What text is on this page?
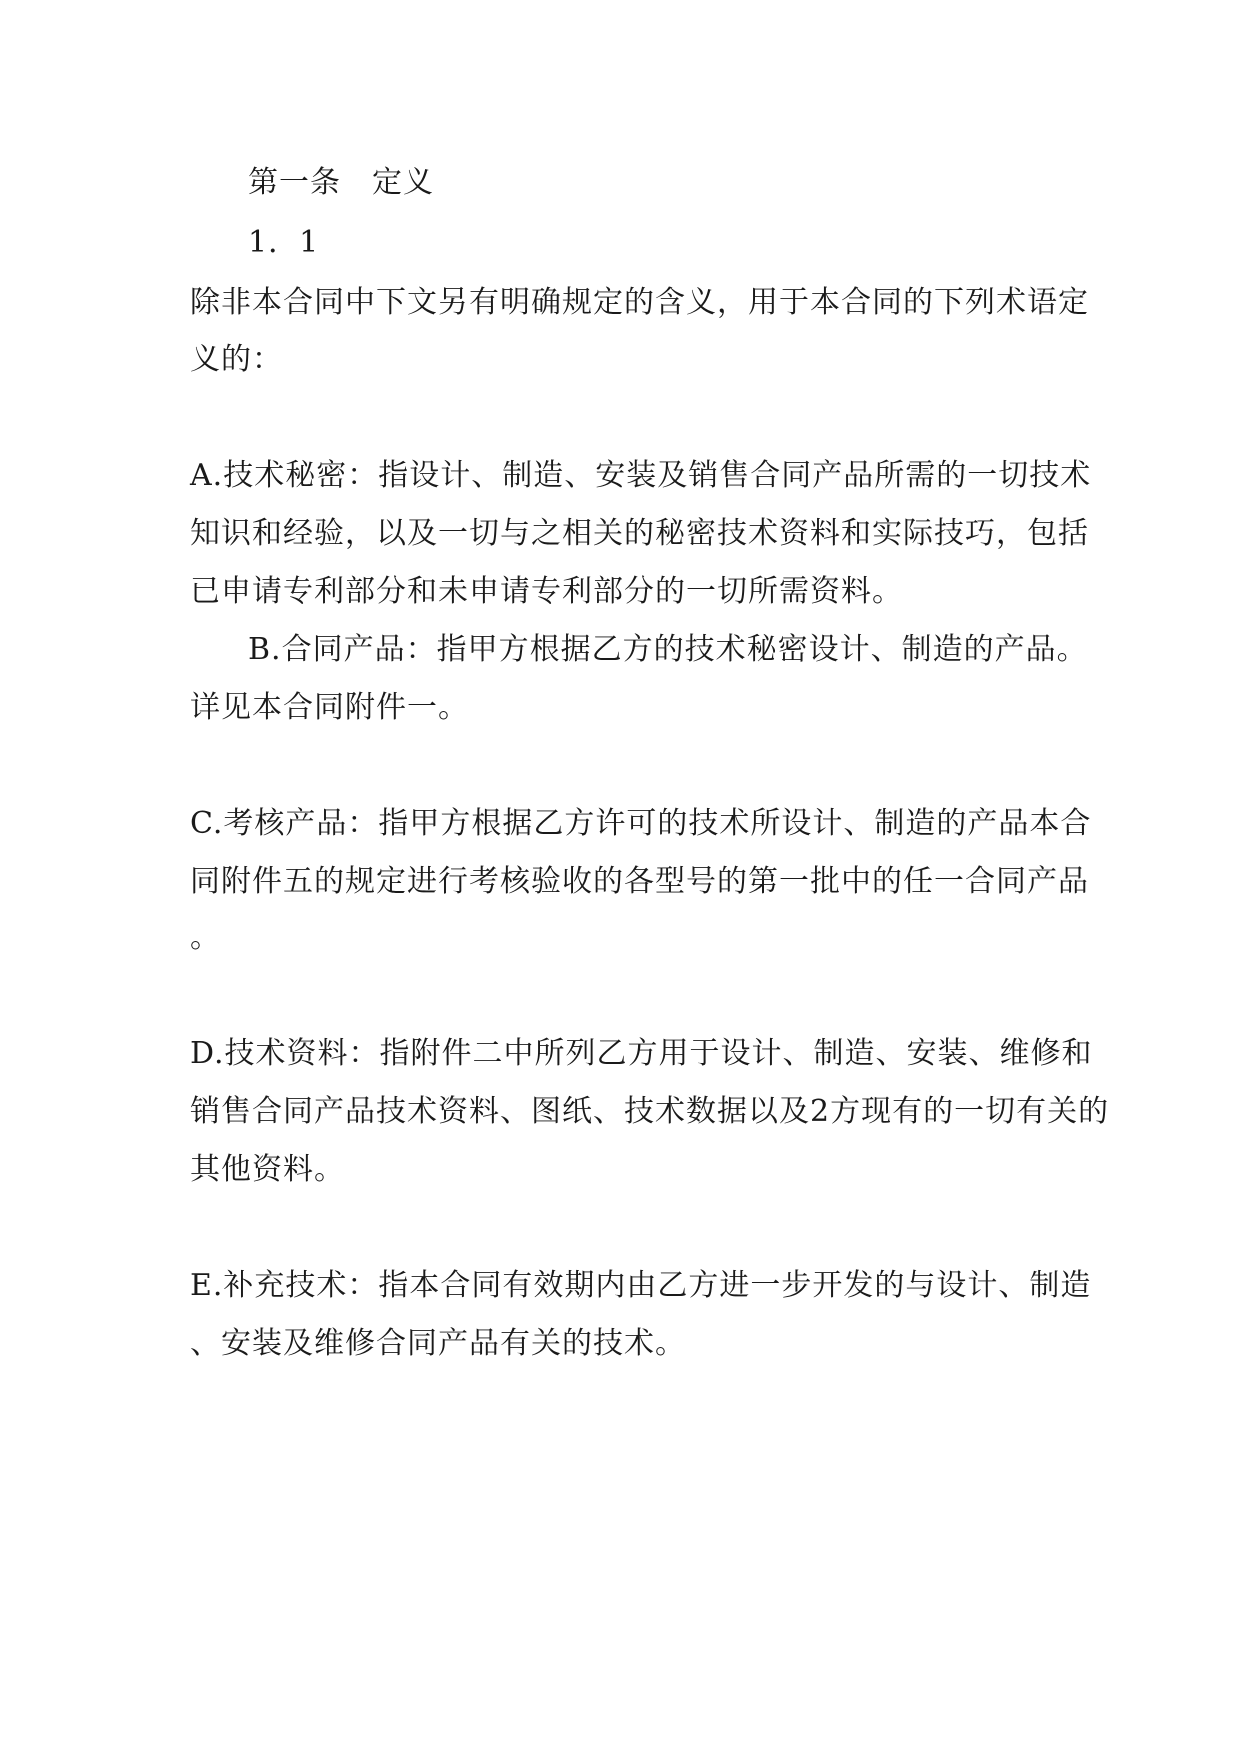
第一条　定义
1．1
除非本合同中下文另有明确规定的含义，用于本合同的下列术语定
义的：
A.技术秘密：指设计、制造、安装及销售合同产品所需的一切技术
知识和经验，以及一切与之相关的秘密技术资料和实际技巧，包括
已申请专利部分和未申请专利部分的一切所需资料。
B.合同产品：指甲方根据乙方的技术秘密设计、制造的产品。
详见本合同附件一。
C.考核产品：指甲方根据乙方许可的技术所设计、制造的产品本合
同附件五的规定进行考核验收的各型号的第一批中的任一合同产品
。
D.技术资料：指附件二中所列乙方用于设计、制造、安装、维修和
销售合同产品技术资料、图纸、技术数据以及2方现有的一切有关的
其他资料。
E.补充技术：指本合同有效期内由乙方进一步开发的与设计、制造
、安装及维修合同产品有关的技术。
